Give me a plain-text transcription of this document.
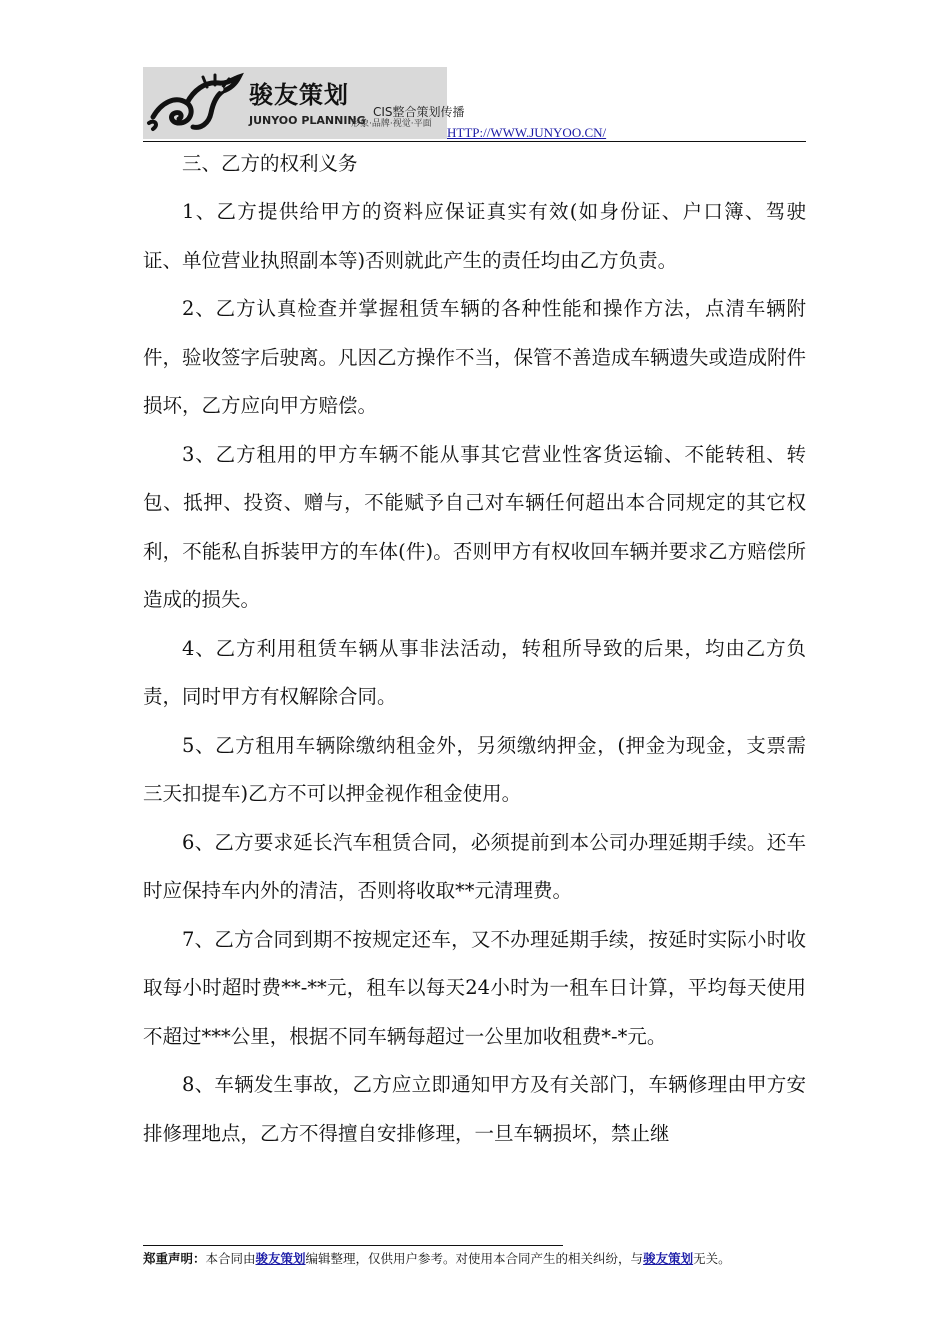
骏友策划
CIS整合策划传播
JUNYOO PLANNING
形象·品牌·视觉·平面
HTTP://WWW.JUNYOO.CN/

三、乙方的权利义务

1、乙方提供给甲方的资料应保证真实有效(如身份证、户口簿、驾驶证、单位营业执照副本等)否则就此产生的责任均由乙方负责。

2、乙方认真检查并掌握租赁车辆的各种性能和操作方法，点清车辆附件，验收签字后驶离。凡因乙方操作不当，保管不善造成车辆遗失或造成附件损坏，乙方应向甲方赔偿。

3、乙方租用的甲方车辆不能从事其它营业性客货运输、不能转租、转包、抵押、投资、赠与，不能赋予自己对车辆任何超出本合同规定的其它权利，不能私自拆装甲方的车体(件)。否则甲方有权收回车辆并要求乙方赔偿所造成的损失。

4、乙方利用租赁车辆从事非法活动，转租所导致的后果，均由乙方负责，同时甲方有权解除合同。

5、乙方租用车辆除缴纳租金外，另须缴纳押金，(押金为现金，支票需三天扣提车)乙方不可以押金视作租金使用。

6、乙方要求延长汽车租赁合同，必须提前到本公司办理延期手续。还车时应保持车内外的清洁，否则将收取**元清理费。

7、乙方合同到期不按规定还车，又不办理延期手续，按延时实际小时收取每小时超时费**-**元，租车以每天24小时为一租车日计算，平均每天使用不超过***公里，根据不同车辆每超过一公里加收租费*-*元。

8、车辆发生事故，乙方应立即通知甲方及有关部门，车辆修理由甲方安排修理地点，乙方不得擅自安排修理，一旦车辆损坏，禁止继

郑重声明：本合同由骏友策划编辑整理，仅供用户参考。对使用本合同产生的相关纠纷，与骏友策划无关。
